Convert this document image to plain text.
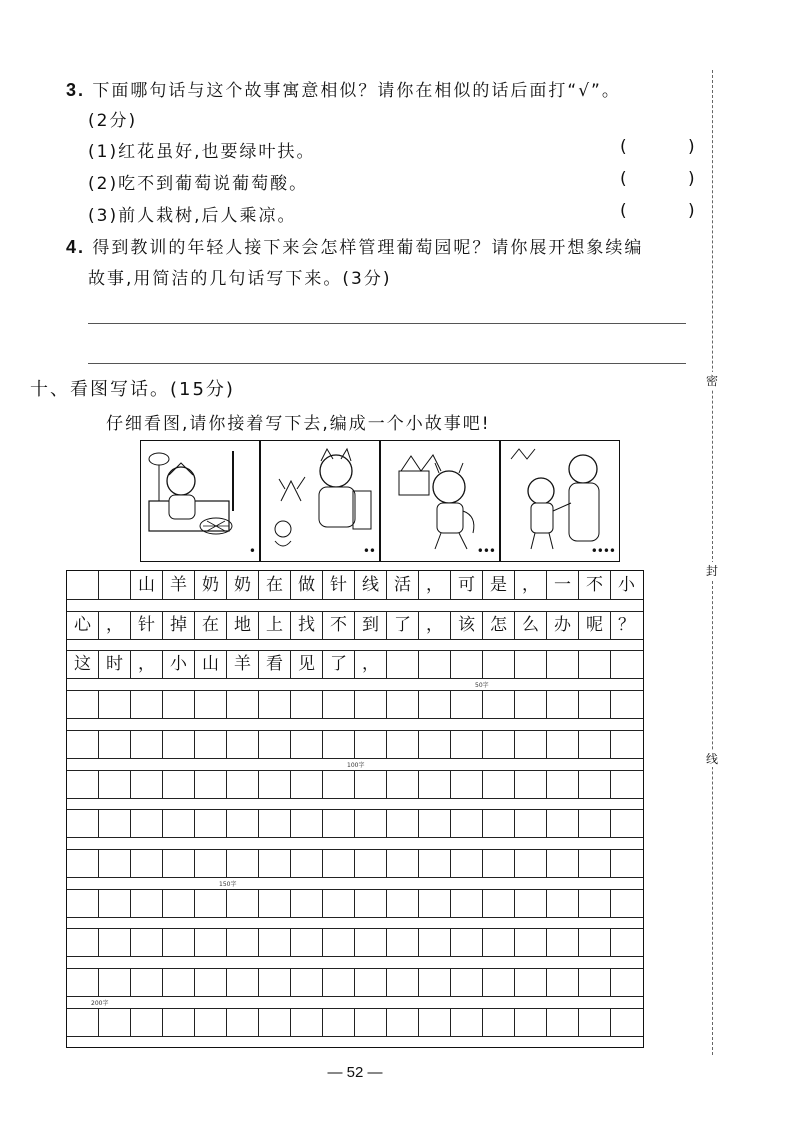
3. 下面哪句话与这个故事寓意相似？请你在相似的话后面打“√”。
(2分)
(1)红花虽好,也要绿叶扶。	( )
(2)吃不到葡萄说葡萄酸。	( )
(3)前人栽树,后人乘凉。	( )
4. 得到教训的年轻人接下来会怎样管理葡萄园呢？请你展开想象续编
故事,用简洁的几句话写下来。(3分)
十、看图写话。(15分)
仔细看图,请你接着写下去,编成一个小故事吧!
•	••	•••	••••
山 羊 奶 奶 在 做 针 线 活 ， 可 是 ， 一 不 小
心 ， 针 掉 在 地 上 找 不 到 了 ， 该 怎 么 办 呢 ？
这 时 ， 小 山 羊 看 见 了 ，
50字
100字
150字
200字
密
封
线
— 52 —
